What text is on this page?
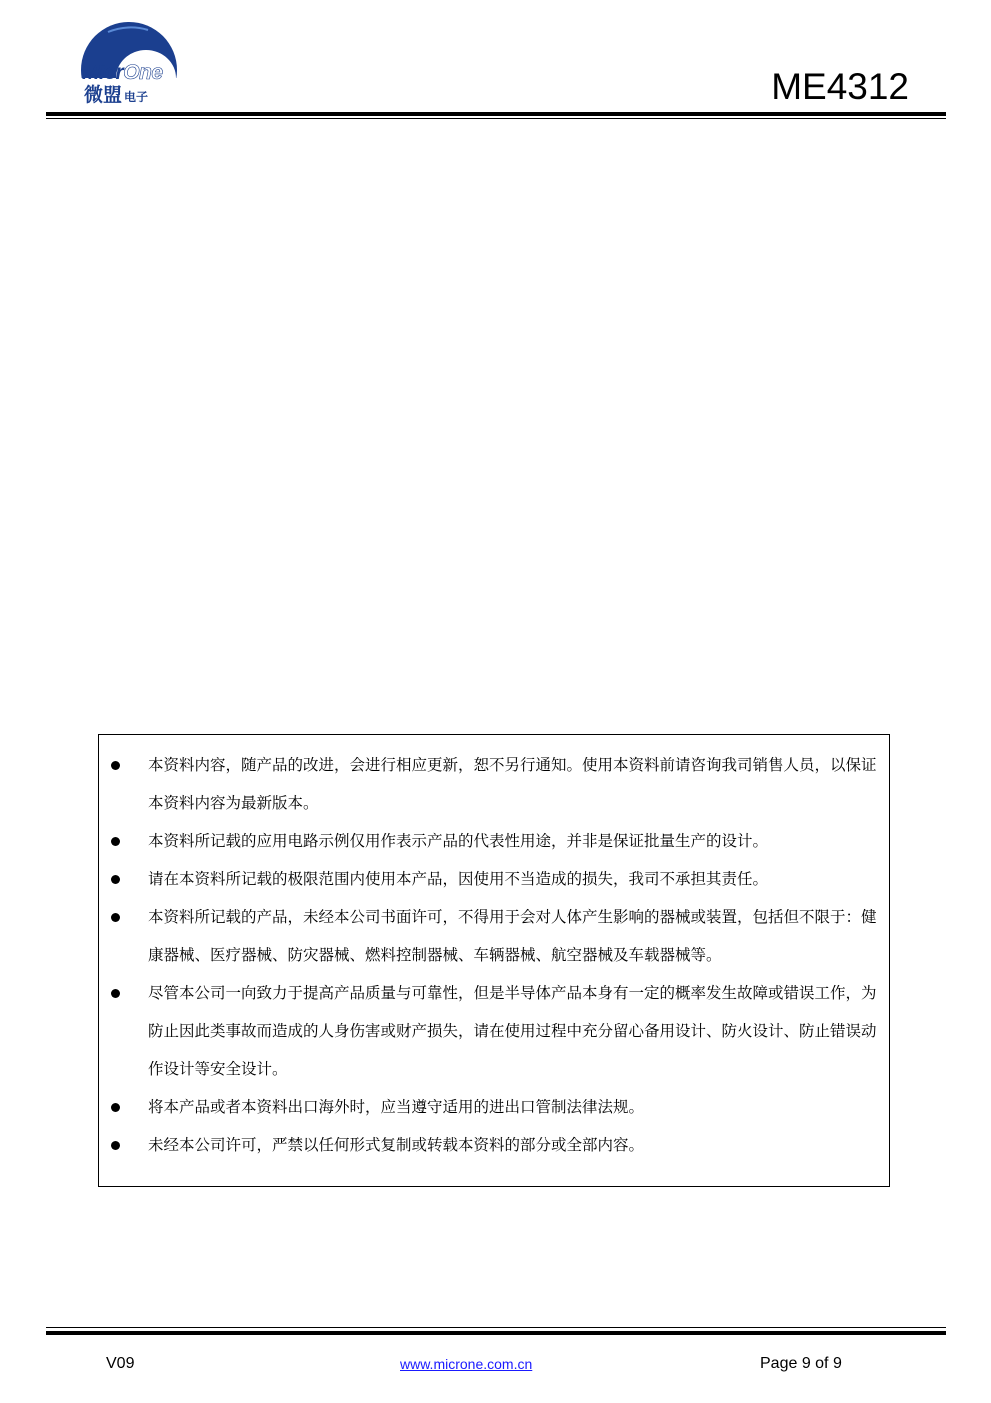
MicrOne
微盟 电子	ME4312
本资料内容，随产品的改进，会进行相应更新，恕不另行通知。使用本资料前请咨询我司销售人员，以保证本资料内容为最新版本。
本资料所记载的应用电路示例仅用作表示产品的代表性用途，并非是保证批量生产的设计。
请在本资料所记载的极限范围内使用本产品，因使用不当造成的损失，我司不承担其责任。
本资料所记载的产品，未经本公司书面许可，不得用于会对人体产生影响的器械或装置，包括但不限于：健康器械、医疗器械、防灾器械、燃料控制器械、车辆器械、航空器械及车载器械等。
尽管本公司一向致力于提高产品质量与可靠性，但是半导体产品本身有一定的概率发生故障或错误工作，为防止因此类事故而造成的人身伤害或财产损失，请在使用过程中充分留心备用设计、防火设计、防止错误动作设计等安全设计。
将本产品或者本资料出口海外时，应当遵守适用的进出口管制法律法规。
未经本公司许可，严禁以任何形式复制或转载本资料的部分或全部内容。
V09	www.microne.com.cn	Page 9 of 9
